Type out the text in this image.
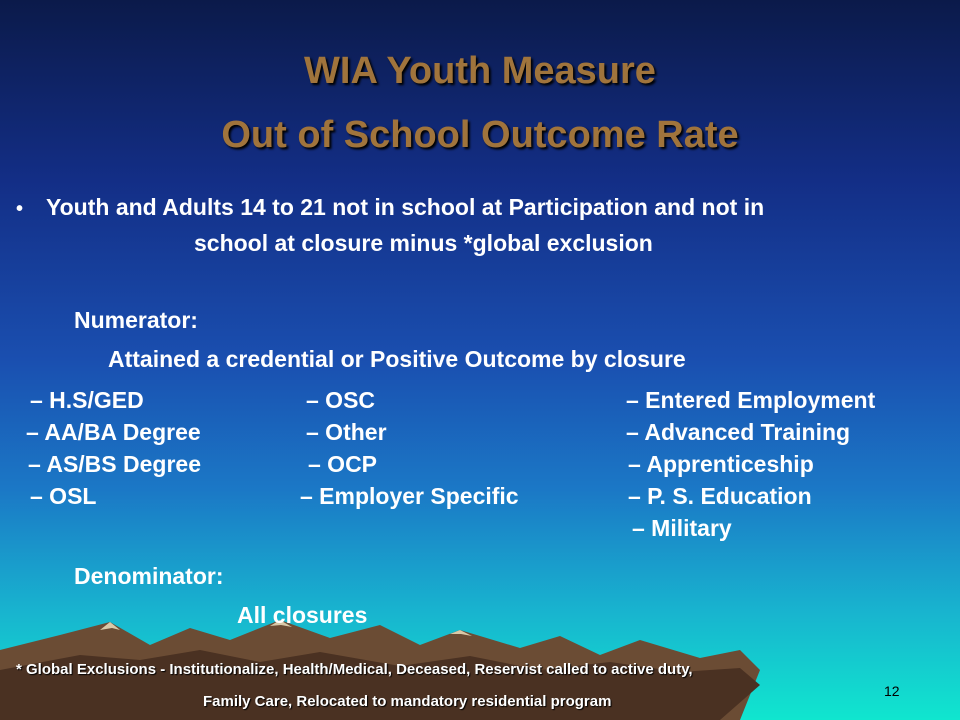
WIA Youth Measure
Out of School Outcome Rate
• Youth and Adults 14 to 21 not in school at Participation and not in
school at closure minus *global exclusion
Numerator:
Attained a credential or Positive Outcome by closure
– H.S/GED
– AA/BA Degree
– AS/BS Degree
– OSL
– OSC
– Other
– OCP
– Employer Specific
– Entered Employment
– Advanced Training
– Apprenticeship
– P. S. Education
– Military
Denominator:
All closures
* Global Exclusions - Institutionalize, Health/Medical, Deceased, Reservist called to active duty,
Family Care, Relocated to mandatory residential program
12
